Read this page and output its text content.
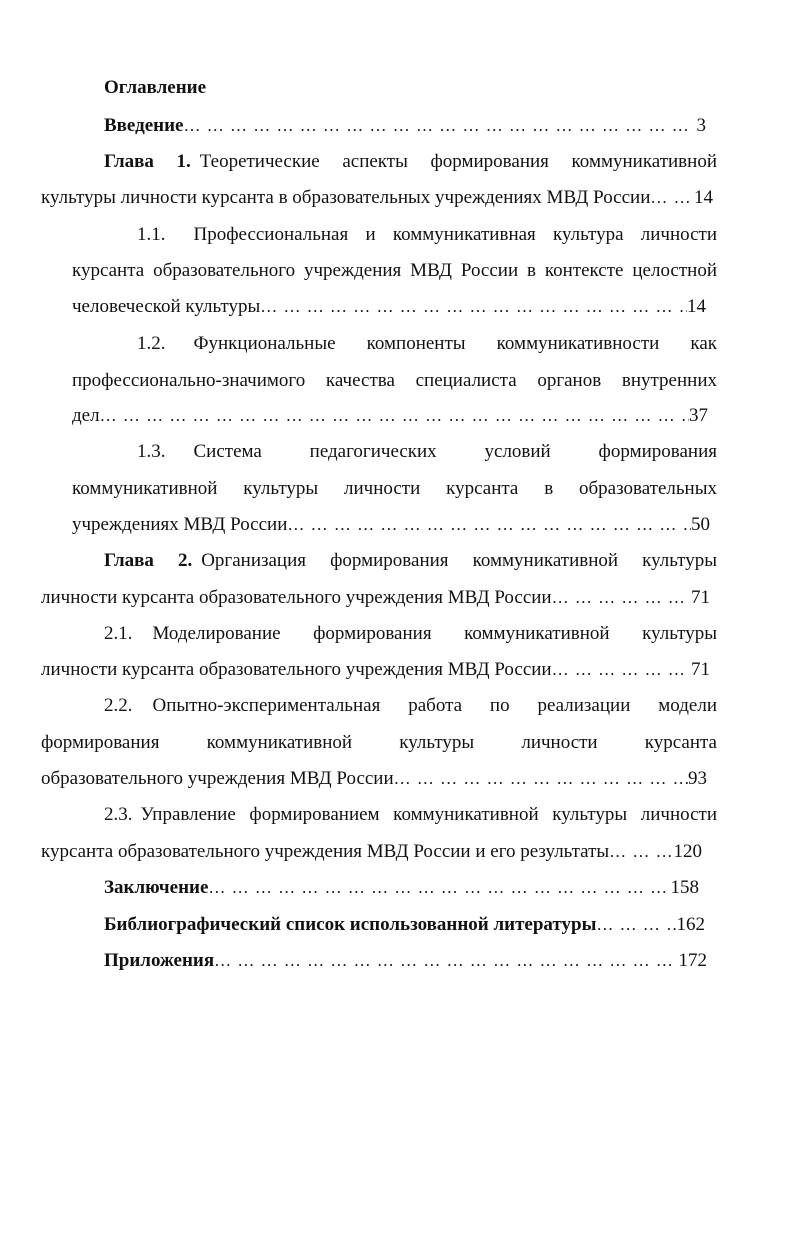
Оглавление
Введение … … … … … … … … … … … … … … … … … … … … … … … … … … … … … … … … … … … … … … … … … … … … … … … … … … … … …	3
Глава 1. Теоретические аспекты формирования коммуникативной
культуры личности курсанта в образовательных учреждениях МВД России … … … … … … … … … … … … … … … … … … … … … … … … … … … … … … … … … … … … … … … … … … … … … … … … … … … … … 14
1.1. Профессиональная и коммуникативная культура личности
курсанта образовательного учреждения МВД России в контексте целостной
человеческой культуры … … … … … … … … … … … … … … … … … … … … … … … … … … … … … … … … … … … … … … … … … … … … … … … … … … … … …	14
1.2. Функциональные компоненты коммуникативности как
профессионально-значимого качества специалиста органов внутренних
дел … … … … … … … … … … … … … … … … … … … … … … … … … … … … … … … … … … … … … … … … … … … … … … … … … … … … …	37
1.3. Система педагогических условий формирования
коммуникативной культуры личности курсанта в образовательных
учреждениях МВД России … … … … … … … … … … … … … … … … … … … … … … … … … … … … … … … … … … … … … … … … … … … … … … … … … … … … …	50
Глава 2. Организация формирования коммуникативной культуры
личности курсанта образовательного учреждения МВД России … … … … … … … … … … … … … … … … … … … … … … … … … … … … … … … … … … … … … … … … … … … … … … … … … … … … …	71
2.1. Моделирование формирования коммуникативной культуры
личности курсанта образовательного учреждения МВД России … … … … … … … … … … … … … … … … … … … … … … … … … … … … … … … … … … … … … … … … … … … … … … … … … … … … …	71
2.2. Опытно-экспериментальная работа по реализации модели
формирования коммуникативной культуры личности курсанта
образовательного учреждения МВД России … … … … … … … … … … … … … … … … … … … … … … … … … … … … … … … … … … … … … … … … … … … … … … … … … … … … …	93
2.3. Управление формированием коммуникативной культуры личности
курсанта образовательного учреждения МВД России и его результаты … … … … … … … … … … … … … … … … … … … … … … … … … … … … … … … … … … … … … … … … … … … … … … … … … … … … …	120
Заключение … … … … … … … … … … … … … … … … … … … … … … … … … … … … … … … … … … … … … … … … … … … … … … … … … … … … …	158
Библиографический список использованной литературы … … … … … … … … … … … … … … … … … … … … … … … … … … … … … … … … … … … … … … … … … … … … … … … … … … … … …	162
Приложения … … … … … … … … … … … … … … … … … … … … … … … … … … … … … … … … … … … … … … … … … … … … … … … … … … … … …	172
